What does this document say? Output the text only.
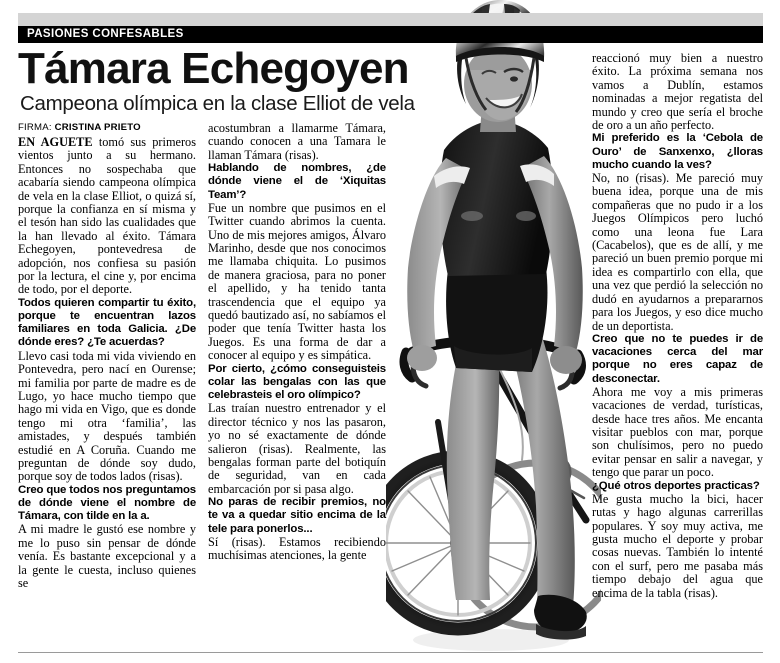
PASIONES CONFESABLES
Támara Echegoyen
Campeona olímpica en la clase Elliot de vela

FIRMA: CRISTINA PRIETO

EN AGUETE tomó sus primeros vientos junto a su hermano. Entonces no sospechaba que acabaría siendo campeona olímpica de vela en la clase Elliot, o quizá sí, porque la confianza en sí misma y el tesón han sido las cualidades que la han llevado al éxito. Támara Echegoyen, pontevedresa de adopción, nos confiesa su pasión por la lectura, el cine y, por encima de todo, por el deporte.

Todos quieren compartir tu éxito, porque te encuentran lazos familiares en toda Galicia. ¿De dónde eres? ¿Te acuerdas?

Llevo casi toda mi vida viviendo en Pontevedra, pero nací en Ourense; mi familia por parte de madre es de Lugo, yo hace mucho tiempo que hago mi vida en Vigo, que es donde tengo mi otra ‘familia’, las amistades, y después también estudié en A Coruña. Cuando me preguntan de dónde soy dudo, porque soy de todos lados (risas).

Creo que todos nos preguntamos de dónde viene el nombre de Támara, con tilde en la a.

A mi madre le gustó ese nombre y me lo puso sin pensar de dónde venía. Es bastante excepcional y a la gente le cuesta, incluso quienes se

acostumbran a llamarme Támara, cuando conocen a una Tamara le llaman Támara (risas).

Hablando de nombres, ¿de dónde viene el de ‘Xiquitas Team’?

Fue un nombre que pusimos en el Twitter cuando abrimos la cuenta. Uno de mis mejores amigos, Álvaro Marinho, desde que nos conocimos me llamaba chiquita. Lo pusimos de manera graciosa, para no poner el apellido, y ha tenido tanta trascendencia que el equipo ya quedó bautizado así, no sabíamos el poder que tenía Twitter hasta los Juegos. Es una forma de dar a conocer al equipo y es simpática.

Por cierto, ¿cómo conseguisteis colar las bengalas con las que celebrasteis el oro olímpico?

Las traían nuestro entrenador y el director técnico y nos las pasaron, yo no sé exactamente de dónde salieron (risas). Realmente, las bengalas forman parte del botiquín de seguridad, van en cada embarcación por si pasa algo.

No paras de recibir premios, no te va a quedar sitio encima de la tele para ponerlos...

Sí (risas). Estamos recibiendo muchísimas atenciones, la gente

reaccionó muy bien a nuestro éxito. La próxima semana nos vamos a Dublín, estamos nominadas a mejor regatista del mundo y creo que sería el broche de oro a un año perfecto.

Mi preferido es la ‘Cebola de Ouro’ de Sanxenxo, ¿lloras mucho cuando la ves?

No, no (risas). Me pareció muy buena idea, porque una de mis compañeras que no pudo ir a los Juegos Olímpicos pero luchó como una leona fue Lara (Cacabelos), que es de allí, y me pareció un buen premio porque mi idea es compartirlo con ella, que una vez que perdió la selección no dudó en ayudarnos a prepararnos para los Juegos, y eso dice mucho de un deportista.

Creo que no te puedes ir de vacaciones cerca del mar porque no eres capaz de desconectar.

Ahora me voy a mis primeras vacaciones de verdad, turísticas, desde hace tres años. Me encanta visitar pueblos con mar, porque son chulísimos, pero no puedo evitar pensar en salir a navegar, y tengo que parar un poco.

¿Qué otros deportes practicas?

Me gusta mucho la bici, hacer rutas y hago algunas carrerillas populares. Y soy muy activa, me gusta mucho el deporte y probar cosas nuevas. También lo intenté con el surf, pero me pasaba más tiempo debajo del agua que encima de la tabla (risas).
